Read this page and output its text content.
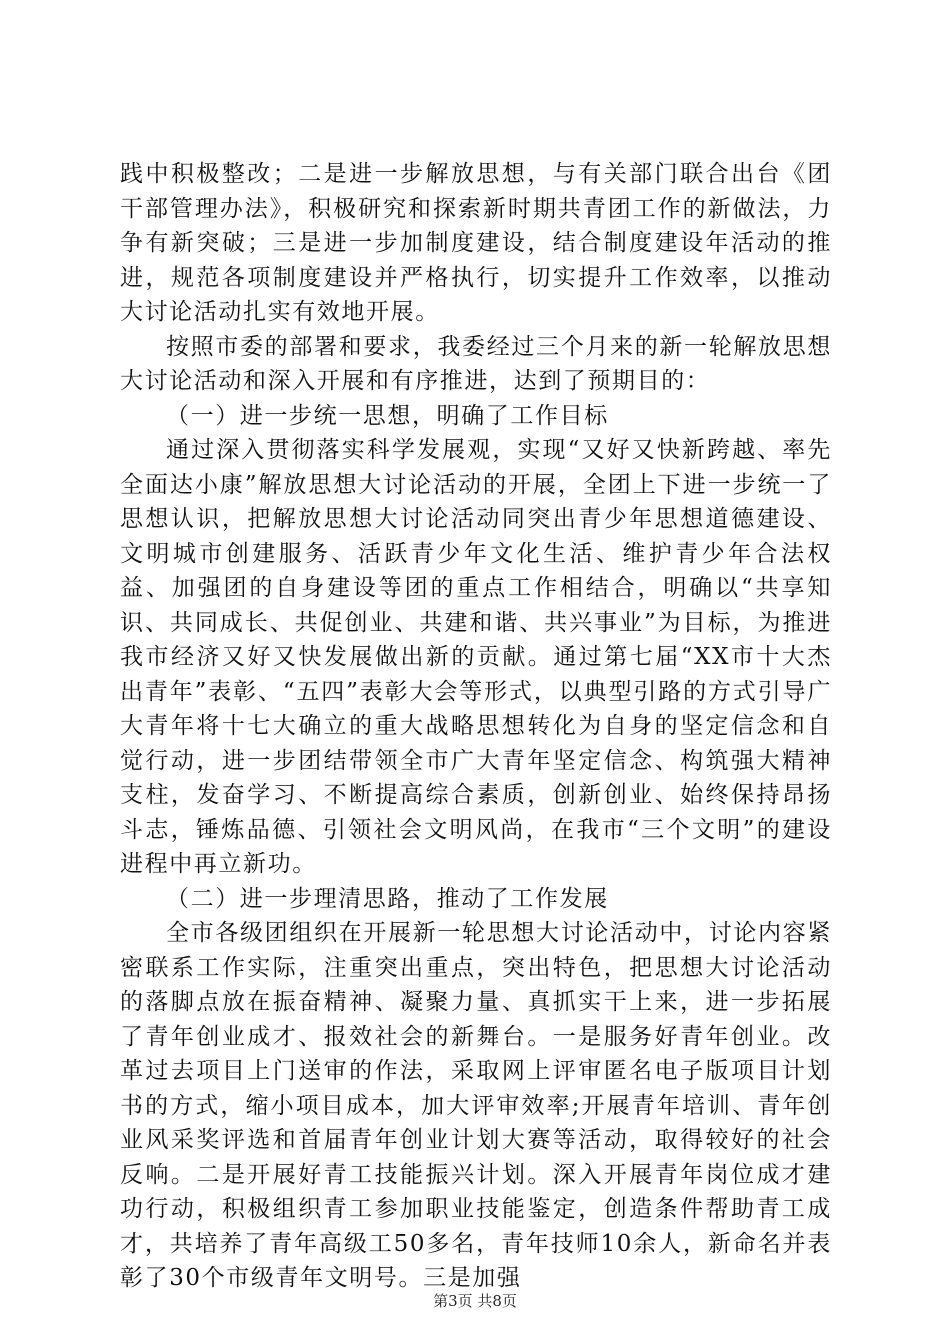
践中积极整改；二是进一步解放思想，与有关部门联合出台《团干部管理办法》，积极研究和探索新时期共青团工作的新做法，力争有新突破；三是进一步加制度建设，结合制度建设年活动的推进，规范各项制度建设并严格执行，切实提升工作效率，以推动大讨论活动扎实有效地开展。

按照市委的部署和要求，我委经过三个月来的新一轮解放思想大讨论活动和深入开展和有序推进，达到了预期目的：

（一）进一步统一思想，明确了工作目标

通过深入贯彻落实科学发展观，实现“又好又快新跨越、率先全面达小康”解放思想大讨论活动的开展，全团上下进一步统一了思想认识，把解放思想大讨论活动同突出青少年思想道德建设、文明城市创建服务、活跃青少年文化生活、维护青少年合法权益、加强团的自身建设等团的重点工作相结合，明确以“共享知识、共同成长、共促创业、共建和谐、共兴事业”为目标，为推进我市经济又好又快发展做出新的贡献。通过第七届“XX市十大杰出青年”表彰、“五四”表彰大会等形式，以典型引路的方式引导广大青年将十七大确立的重大战略思想转化为自身的坚定信念和自觉行动，进一步团结带领全市广大青年坚定信念、构筑强大精神支柱，发奋学习、不断提高综合素质，创新创业、始终保持昂扬斗志，锤炼品德、引领社会文明风尚，在我市“三个文明”的建设进程中再立新功。

（二）进一步理清思路，推动了工作发展

全市各级团组织在开展新一轮思想大讨论活动中，讨论内容紧密联系工作实际，注重突出重点，突出特色，把思想大讨论活动的落脚点放在振奋精神、凝聚力量、真抓实干上来，进一步拓展了青年创业成才、报效社会的新舞台。一是服务好青年创业。改革过去项目上门送审的作法，采取网上评审匿名电子版项目计划书的方式，缩小项目成本，加大评审效率;开展青年培训、青年创业风采奖评选和首届青年创业计划大赛等活动，取得较好的社会反响。二是开展好青工技能振兴计划。深入开展青年岗位成才建功行动，积极组织青工参加职业技能鉴定，创造条件帮助青工成才，共培养了青年高级工50多名，青年技师10余人，新命名并表彰了30个市级青年文明号。三是加强

第3页 共8页
